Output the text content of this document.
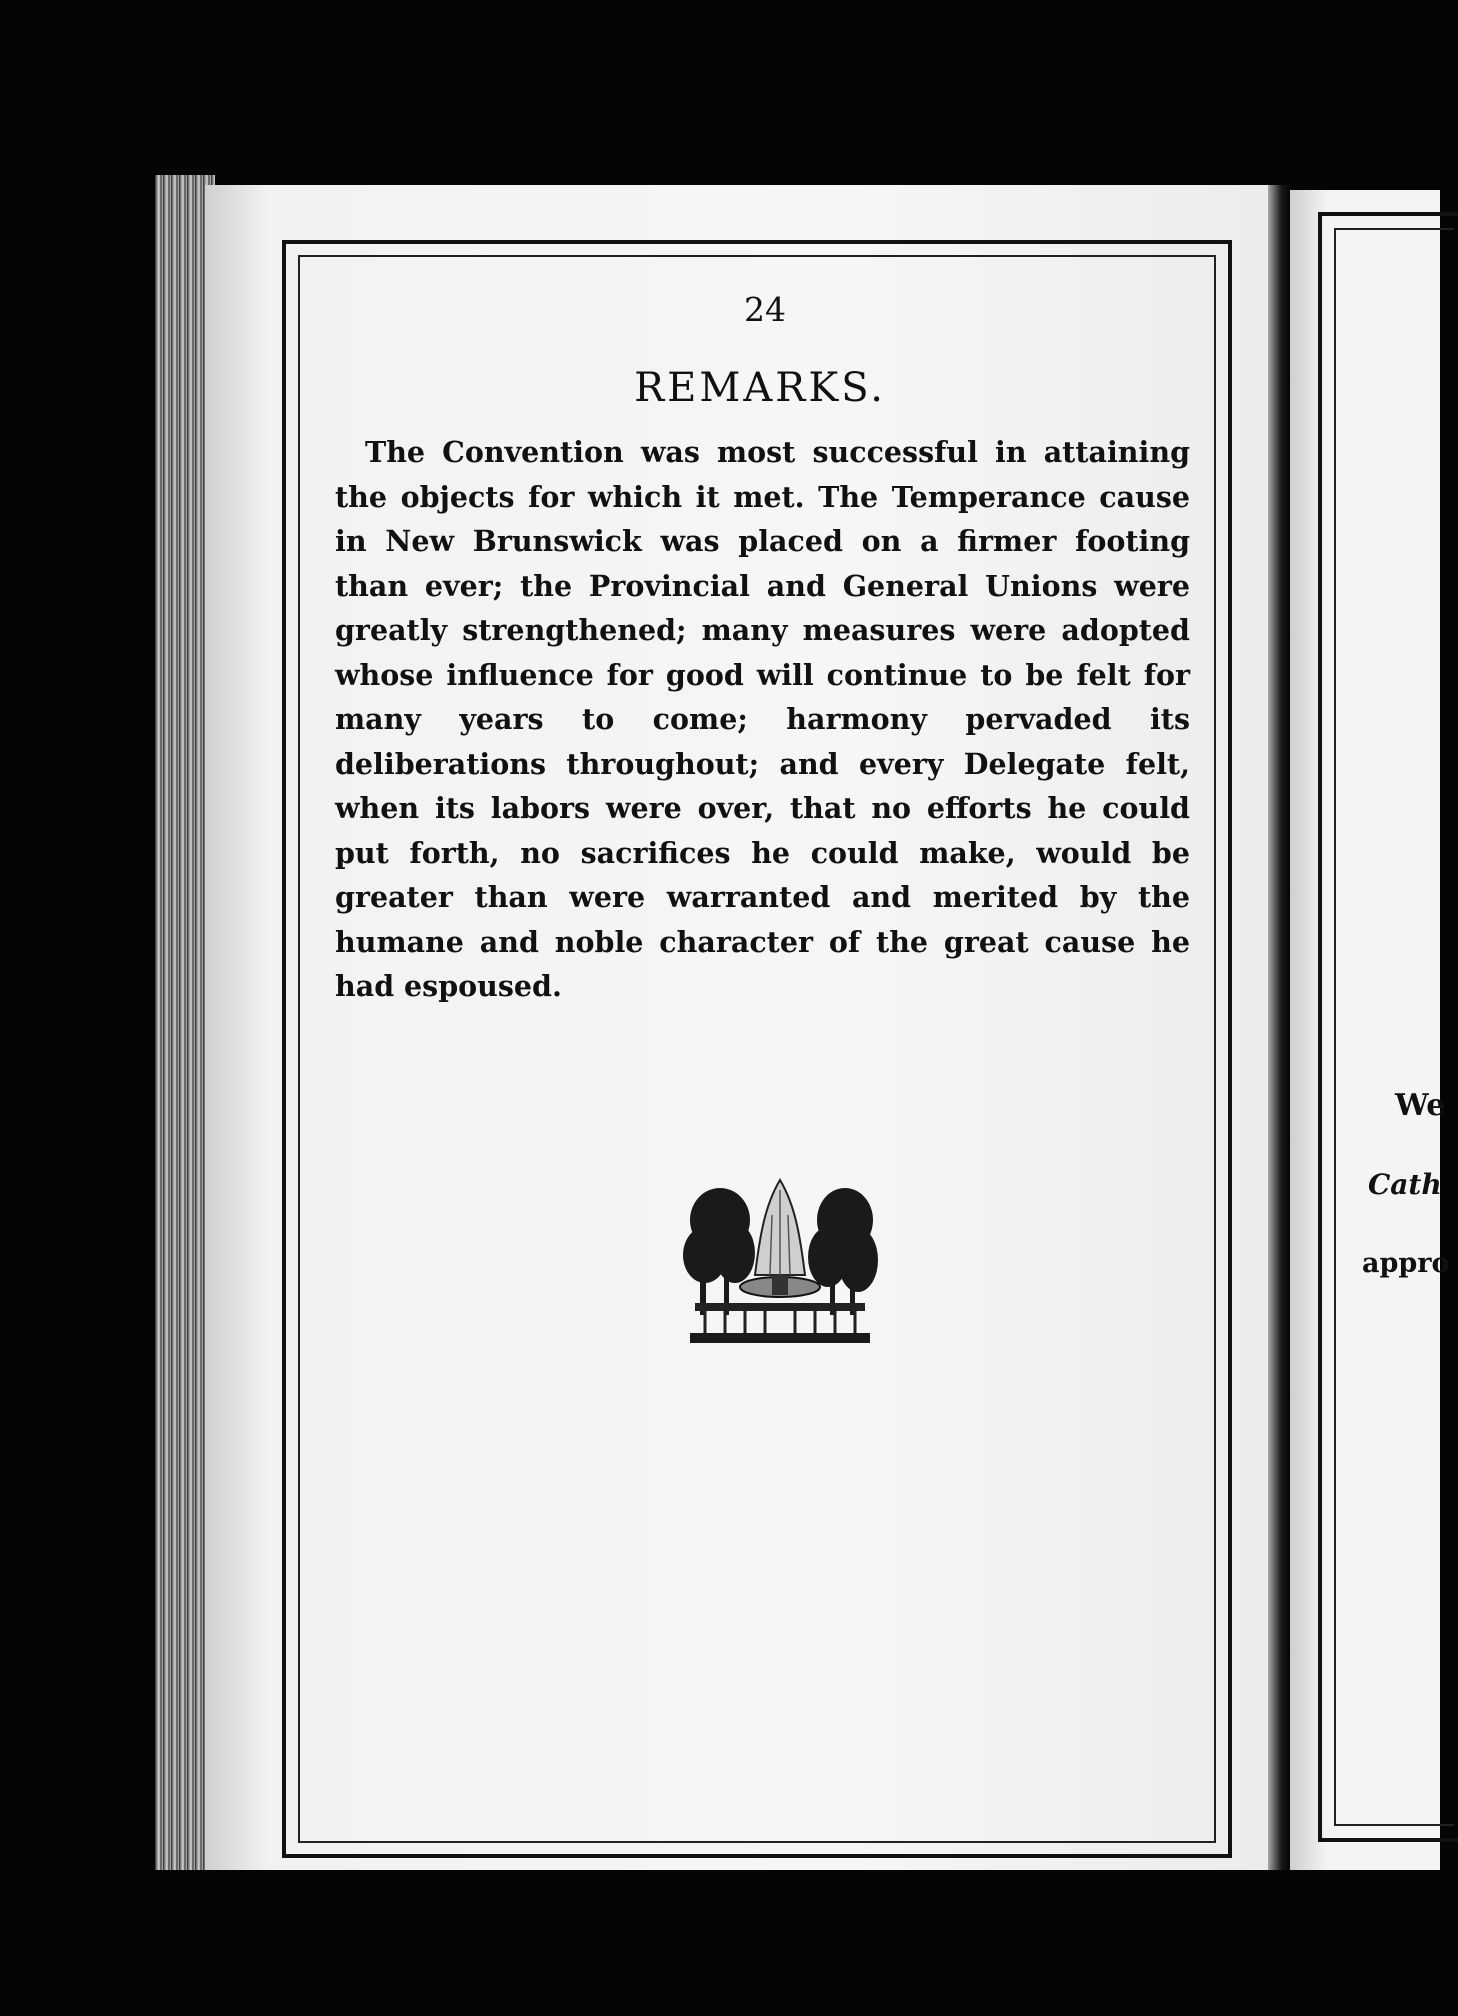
24
REMARKS.

The Convention was most successful in attaining the objects for which it met. The Temperance cause in New Brunswick was placed on a firmer footing than ever; the Provincial and General Unions were greatly strengthened; many measures were adopted whose influence for good will continue to be felt for many years to come; harmony pervaded its deliberations throughout; and every Delegate felt, when its labors were over, that no efforts he could put forth, no sacrifices he could make, would be greater than were warranted and merited by the humane and noble character of the great cause he had espoused.

We
Cath
appro
